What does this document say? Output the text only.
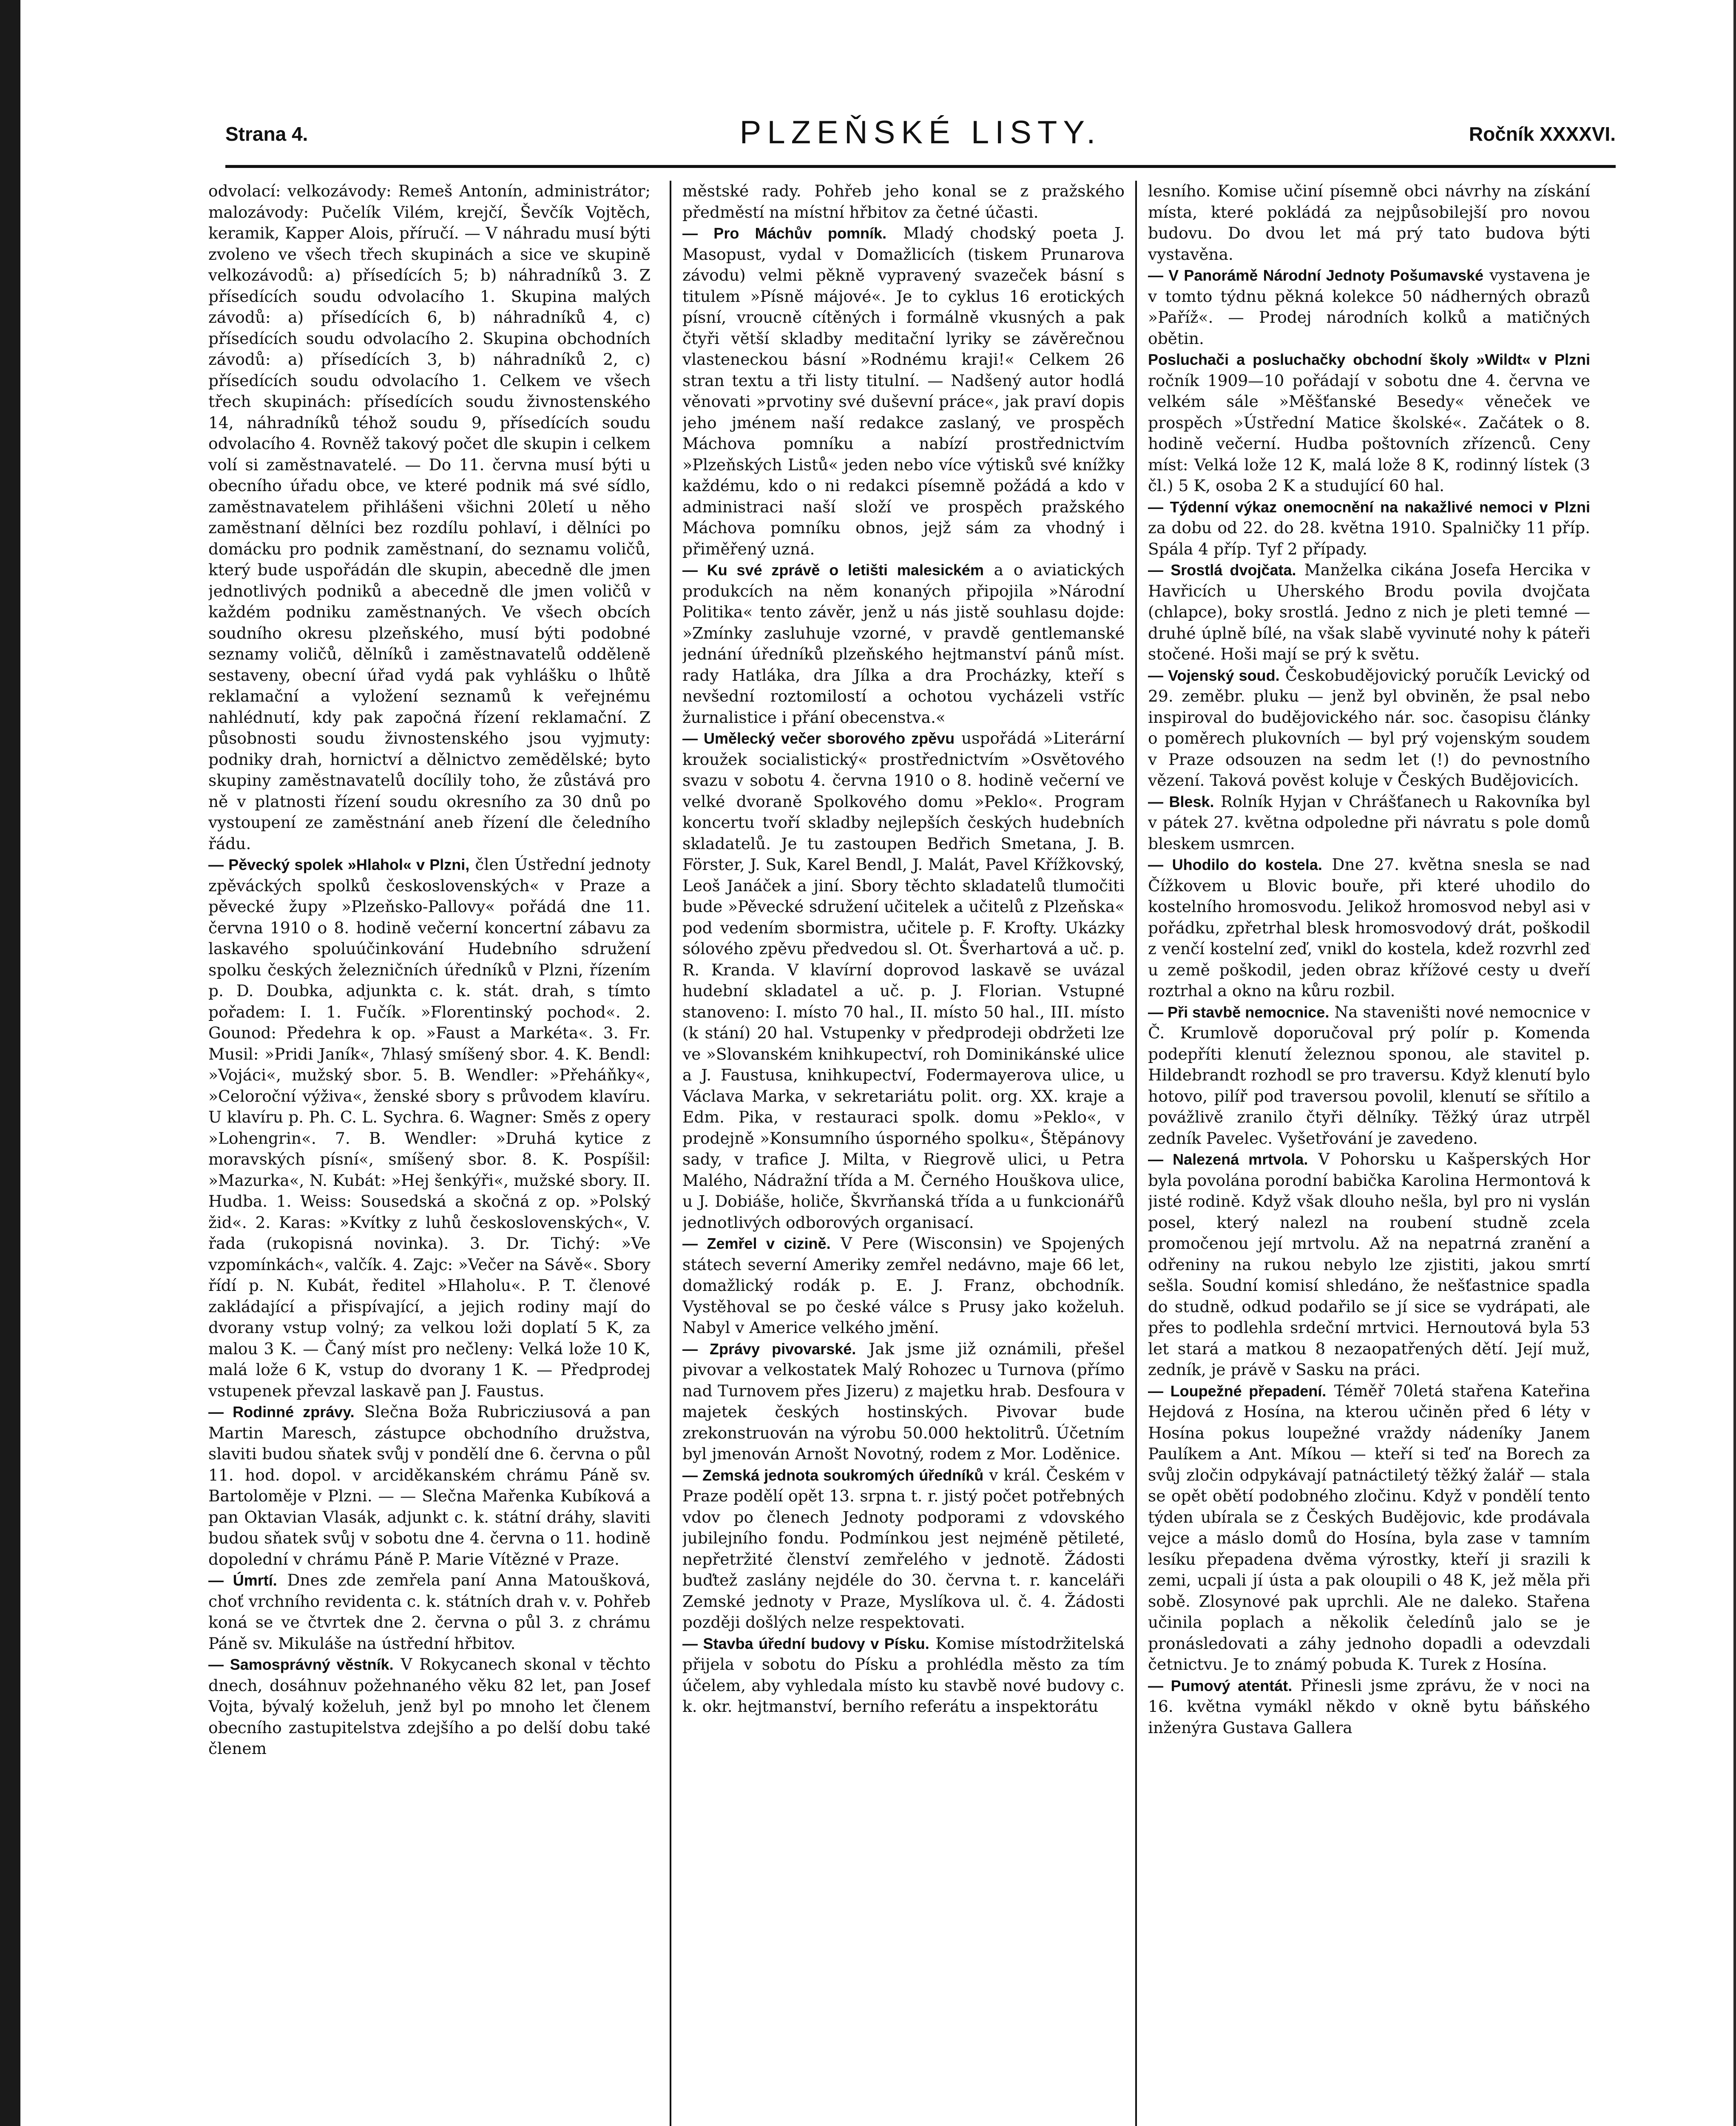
Strana 4.	PLZEŇSKÉ LISTY.	Ročník XXXXVI.

odvolací: velkozávody: Remeš Antonín, administrátor; malozávody: Pučelík Vilém, krejčí, Ševčík Vojtěch, keramik, Kapper Alois, příručí. — V náhradu musí býti zvoleno ve všech třech skupinách a sice ve skupině velkozávodů: a) přísedících 5; b) náhradníků 3. Z přísedících soudu odvolacího 1. Skupina malých závodů: a) přísedících 6, b) náhradníků 4, c) přísedících soudu odvolacího 2. Skupina obchodních závodů: a) přísedících 3, b) náhradníků 2, c) přísedících soudu odvolacího 1. Celkem ve všech třech skupinách: přísedících soudu živnostenského 14, náhradníků téhož soudu 9, přísedících soudu odvolacího 4. Rovněž takový počet dle skupin i celkem volí si zaměstnavatelé. — Do 11. června musí býti u obecního úřadu obce, ve které podnik má své sídlo, zaměstnavatelem přihlášeni všichni 20letí u něho zaměstnaní dělníci bez rozdílu pohlaví, i dělníci po domácku pro podnik zaměstnaní, do seznamu voličů, který bude uspořádán dle skupin, abecedně dle jmen jednotlivých podniků a abecedně dle jmen voličů v každém podniku zaměstnaných. Ve všech obcích soudního okresu plzeňského, musí býti podobné seznamy voličů, dělníků i zaměstnavatelů odděleně sestaveny, obecní úřad vydá pak vyhlášku o lhůtě reklamační a vyložení seznamů k veřejnému nahlédnutí, kdy pak započná řízení reklamační. Z působnosti soudu živnostenského jsou vyjmuty: podniky drah, hornictví a dělnictvo zemědělské; byto skupiny zaměstnavatelů docílily toho, že zůstává pro ně v platnosti řízení soudu okresního za 30 dnů po vystoupení ze zaměstnání aneb řízení dle čeledního řádu.

— Pěvecký spolek »Hlahol« v Plzni, člen Ústřední jednoty zpěváckých spolků československých« v Praze a pěvecké župy »Plzeňsko-Pallovy« pořádá dne 11. června 1910 o 8. hodině večerní koncertní zábavu za laskavého spoluúčinkování Hudebního sdružení spolku českých železničních úředníků v Plzni, řízením p. D. Doubka, adjunkta c. k. stát. drah, s tímto pořadem: I. 1. Fučík. »Florentinský pochod«. 2. Gounod: Předehra k op. »Faust a Markéta«. 3. Fr. Musil: »Pridi Janík«, 7hlasý smíšený sbor. 4. K. Bendl: »Vojáci«, mužský sbor. 5. B. Wendler: »Přeháňky«, »Celoroční výživa«, ženské sbory s průvodem klavíru. U klavíru p. Ph. C. L. Sychra. 6. Wagner: Směs z opery »Lohengrin«. 7. B. Wendler: »Druhá kytice z moravských písní«, smíšený sbor. 8. K. Pospíšil: »Mazurka«, N. Kubát: »Hej šenkýři«, mužské sbory. II. Hudba. 1. Weiss: Sousedská a skočná z op. »Polský žid«. 2. Karas: »Kvítky z luhů československých«, V. řada (rukopisná novinka). 3. Dr. Tichý: »Ve vzpomínkách«, valčík. 4. Zajc: »Večer na Sávě«. Sbory řídí p. N. Kubát, ředitel »Hlaholu«. P. T. členové zakládající a přispívající, a jejich rodiny mají do dvorany vstup volný; za velkou loži doplatí 5 K, za malou 3 K. — Čaný míst pro nečleny: Velká lože 10 K, malá lože 6 K, vstup do dvorany 1 K. — Předprodej vstupenek převzal laskavě pan J. Faustus.

— Rodinné zprávy. Slečna Boža Rubricziusová a pan Martin Maresch, zástupce obchodního družstva, slaviti budou sňatek svůj v pondělí dne 6. června o půl 11. hod. dopol. v arciděkanském chrámu Páně sv. Bartoloměje v Plzni. — — Slečna Mařenka Kubíková a pan Oktavian Vlasák, adjunkt c. k. státní dráhy, slaviti budou sňatek svůj v sobotu dne 4. června o 11. hodině dopolední v chrámu Páně P. Marie Vítězné v Praze.

— Úmrtí. Dnes zde zemřela paní Anna Matoušková, choť vrchního revidenta c. k. státních drah v. v. Pohřeb koná se ve čtvrtek dne 2. června o půl 3. z chrámu Páně sv. Mikuláše na ústřední hřbitov.

— Samosprávný věstník. V Rokycanech skonal v těchto dnech, dosáhnuv požehnaného věku 82 let, pan Josef Vojta, bývalý koželuh, jenž byl po mnoho let členem obecního zastupitelstva zdejšího a po delší dobu také členem

městské rady. Pohřeb jeho konal se z pražského předměstí na místní hřbitov za četné účasti.

— Pro Máchův pomník. Mladý chodský poeta J. Masopust, vydal v Domažlicích (tiskem Prunarova závodu) velmi pěkně vypravený svazeček básní s titulem »Písně májové«. Je to cyklus 16 erotických písní, vroucně cítěných i formálně vkusných a pak čtyři větší skladby meditační lyriky se závěrečnou vlasteneckou básní »Rodnému kraji!« Celkem 26 stran textu a tři listy titulní. — Nadšený autor hodlá věnovati »prvotiny své duševní práce«, jak praví dopis jeho jménem naší redakce zaslaný, ve prospěch Máchova pomníku a nabízí prostřednictvím »Plzeňských Listů« jeden nebo více výtisků své knížky každému, kdo o ni redakci písemně požádá a kdo v administraci naší složí ve prospěch pražského Máchova pomníku obnos, jejž sám za vhodný i přiměřený uzná.

— Ku své zprávě o letišti malesickém a o aviatických produkcích na něm konaných připojila »Národní Politika« tento závěr, jenž u nás jistě souhlasu dojde: »Zmínky zasluhuje vzorné, v pravdě gentlemanské jednání úředníků plzeňského hejtmanství pánů míst. rady Hatláka, dra Jílka a dra Procházky, kteří s nevšední roztomilostí a ochotou vycházeli vstříc žurnalistice i přání obecenstva.«

— Umělecký večer sborového zpěvu uspořádá »Literární kroužek socialistický« prostřednictvím »Osvětového svazu v sobotu 4. června 1910 o 8. hodině večerní ve velké dvoraně Spolkového domu »Peklo«. Program koncertu tvoří skladby nejlepších českých hudebních skladatelů. Je tu zastoupen Bedřich Smetana, J. B. Förster, J. Suk, Karel Bendl, J. Malát, Pavel Křížkovský, Leoš Janáček a jiní. Sbory těchto skladatelů tlumočiti bude »Pěvecké sdružení učitelek a učitelů z Plzeňska« pod vedením sbormistra, učitele p. F. Krofty. Ukázky sólového zpěvu předvedou sl. Ot. Šverhartová a uč. p. R. Kranda. V klavírní doprovod laskavě se uvázal hudební skladatel a uč. p. J. Florian. Vstupné stanoveno: I. místo 70 hal., II. místo 50 hal., III. místo (k stání) 20 hal. Vstupenky v předprodeji obdržeti lze ve »Slovanském knihkupectví, roh Dominikánské ulice a J. Faustusa, knihkupectví, Fodermayerova ulice, u Václava Marka, v sekretariátu polit. org. XX. kraje a Edm. Pika, v restauraci spolk. domu »Peklo«, v prodejně »Konsumního úsporného spolku«, Štěpánovy sady, v trafice J. Milta, v Riegrově ulici, u Petra Malého, Nádražní třída a M. Černého Houškova ulice, u J. Dobiáše, holiče, Škvrňanská třída a u funkcionářů jednotlivých odborových organisací.

— Zemřel v cizině. V Pere (Wisconsin) ve Spojených státech severní Ameriky zemřel nedávno, maje 66 let, domažlický rodák p. E. J. Franz, obchodník. Vystěhoval se po české válce s Prusy jako koželuh. Nabyl v Americe velkého jmění.

— Zprávy pivovarské. Jak jsme již oznámili, přešel pivovar a velkostatek Malý Rohozec u Turnova (přímo nad Turnovem přes Jizeru) z majetku hrab. Desfoura v majetek českých hostinských. Pivovar bude zrekonstruován na výrobu 50.000 hektolitrů. Účetním byl jmenován Arnošt Novotný, rodem z Mor. Loděnice.

— Zemská jednota soukromých úředníků v král. Českém v Praze podělí opět 13. srpna t. r. jistý počet potřebných vdov po členech Jednoty podporami z vdovského jubilejního fondu. Podmínkou jest nejméně pětileté, nepřetržité členství zemřelého v jednotě. Žádosti buďtež zaslány nejdéle do 30. června t. r. kanceláři Zemské jednoty v Praze, Myslíkova ul. č. 4. Žádosti později došlých nelze respektovati.

— Stavba úřední budovy v Písku. Komise místodržitelská přijela v sobotu do Písku a prohlédla město za tím účelem, aby vyhledala místo ku stavbě nové budovy c. k. okr. hejtmanství, berního referátu a inspektorátu

lesního. Komise učiní písemně obci návrhy na získání místa, které pokládá za nejpůsobilejší pro novou budovu. Do dvou let má prý tato budova býti vystavěna.

— V Panorámě Národní Jednoty Pošumavské vystavena je v tomto týdnu pěkná kolekce 50 nádherných obrazů »Paříž«. — Prodej národních kolků a matičných obětin.

Posluchači a posluchačky obchodní školy »Wildt« v Plzni ročník 1909—10 pořádají v sobotu dne 4. června ve velkém sále »Měšťanské Besedy« věneček ve prospěch »Ústřední Matice školské«. Začátek o 8. hodině večerní. Hudba poštovních zřízenců. Ceny míst: Velká lože 12 K, malá lože 8 K, rodinný lístek (3 čl.) 5 K, osoba 2 K a studující 60 hal.

— Týdenní výkaz onemocnění na nakažlivé nemoci v Plzni za dobu od 22. do 28. května 1910. Spalničky 11 příp. Spála 4 příp. Tyf 2 případy.

— Srostlá dvojčata. Manželka cikána Josefa Hercika v Havřicích u Uherského Brodu povila dvojčata (chlapce), boky srostlá. Jedno z nich je pleti temné — druhé úplně bílé, na však slabě vyvinuté nohy k páteři stočené. Hoši mají se prý k světu.

— Vojenský soud. Českobudějovický poručík Levický od 29. zeměbr. pluku — jenž byl obviněn, že psal nebo inspiroval do budějovického nár. soc. časopisu články o poměrech plukovních — byl prý vojenským soudem v Praze odsouzen na sedm let (!) do pevnostního vězení. Taková pověst koluje v Českých Budějovicích.

— Blesk. Rolník Hyjan v Chrášťanech u Rakovníka byl v pátek 27. května odpoledne při návratu s pole domů bleskem usmrcen.

— Uhodilo do kostela. Dne 27. května snesla se nad Čížkovem u Blovic bouře, při které uhodilo do kostelního hromosvodu. Jelikož hromosvod nebyl asi v pořádku, zpřetrhal blesk hromosvodový drát, poškodil z venčí kostelní zeď, vnikl do kostela, kdež rozvrhl zeď u země poškodil, jeden obraz křížové cesty u dveří roztrhal a okno na kůru rozbil.

— Při stavbě nemocnice. Na staveništi nové nemocnice v Č. Krumlově doporučoval prý polír p. Komenda podepříti klenutí železnou sponou, ale stavitel p. Hildebrandt rozhodl se pro traversu. Když klenutí bylo hotovo, pilíř pod traversou povolil, klenutí se sřítilo a povážlivě zranilo čtyři dělníky. Těžký úraz utrpěl zedník Pavelec. Vyšetřování je zavedeno.

— Nalezená mrtvola. V Pohorsku u Kašperských Hor byla povolána porodní babička Karolina Hermontová k jisté rodině. Když však dlouho nešla, byl pro ni vyslán posel, který nalezl na roubení studně zcela promočenou její mrtvolu. Až na nepatrná zranění a odřeniny na rukou nebylo lze zjistiti, jakou smrtí sešla. Soudní komisí shledáno, že nešťastnice spadla do studně, odkud podařilo se jí sice se vydrápati, ale přes to podlehla srdeční mrtvici. Hernoutová byla 53 let stará a matkou 8 nezaopatřených dětí. Její muž, zedník, je právě v Sasku na práci.

— Loupežné přepadení. Téměř 70letá stařena Kateřina Hejdová z Hosína, na kterou učiněn před 6 léty v Hosína pokus loupežné vraždy nádeníky Janem Paulíkem a Ant. Míkou — kteří si teď na Borech za svůj zločin odpykávají patnáctiletý těžký žalář — stala se opět obětí podobného zločinu. Když v pondělí tento týden ubírala se z Českých Budějovic, kde prodávala vejce a máslo domů do Hosína, byla zase v tamním lesíku přepadena dvěma výrostky, kteří ji srazili k zemi, ucpali jí ústa a pak oloupili o 48 K, jež měla při sobě. Zlosynové pak uprchli. Ale ne daleko. Stařena učinila poplach a několik čeledínů jalo se je pronásledovati a záhy jednoho dopadli a odevzdali četnictvu. Je to známý pobuda K. Turek z Hosína.

— Pumový atentát. Přinesli jsme zprávu, že v noci na 16. května vymákl někdo v okně bytu báňského inženýra Gustava Gallera
